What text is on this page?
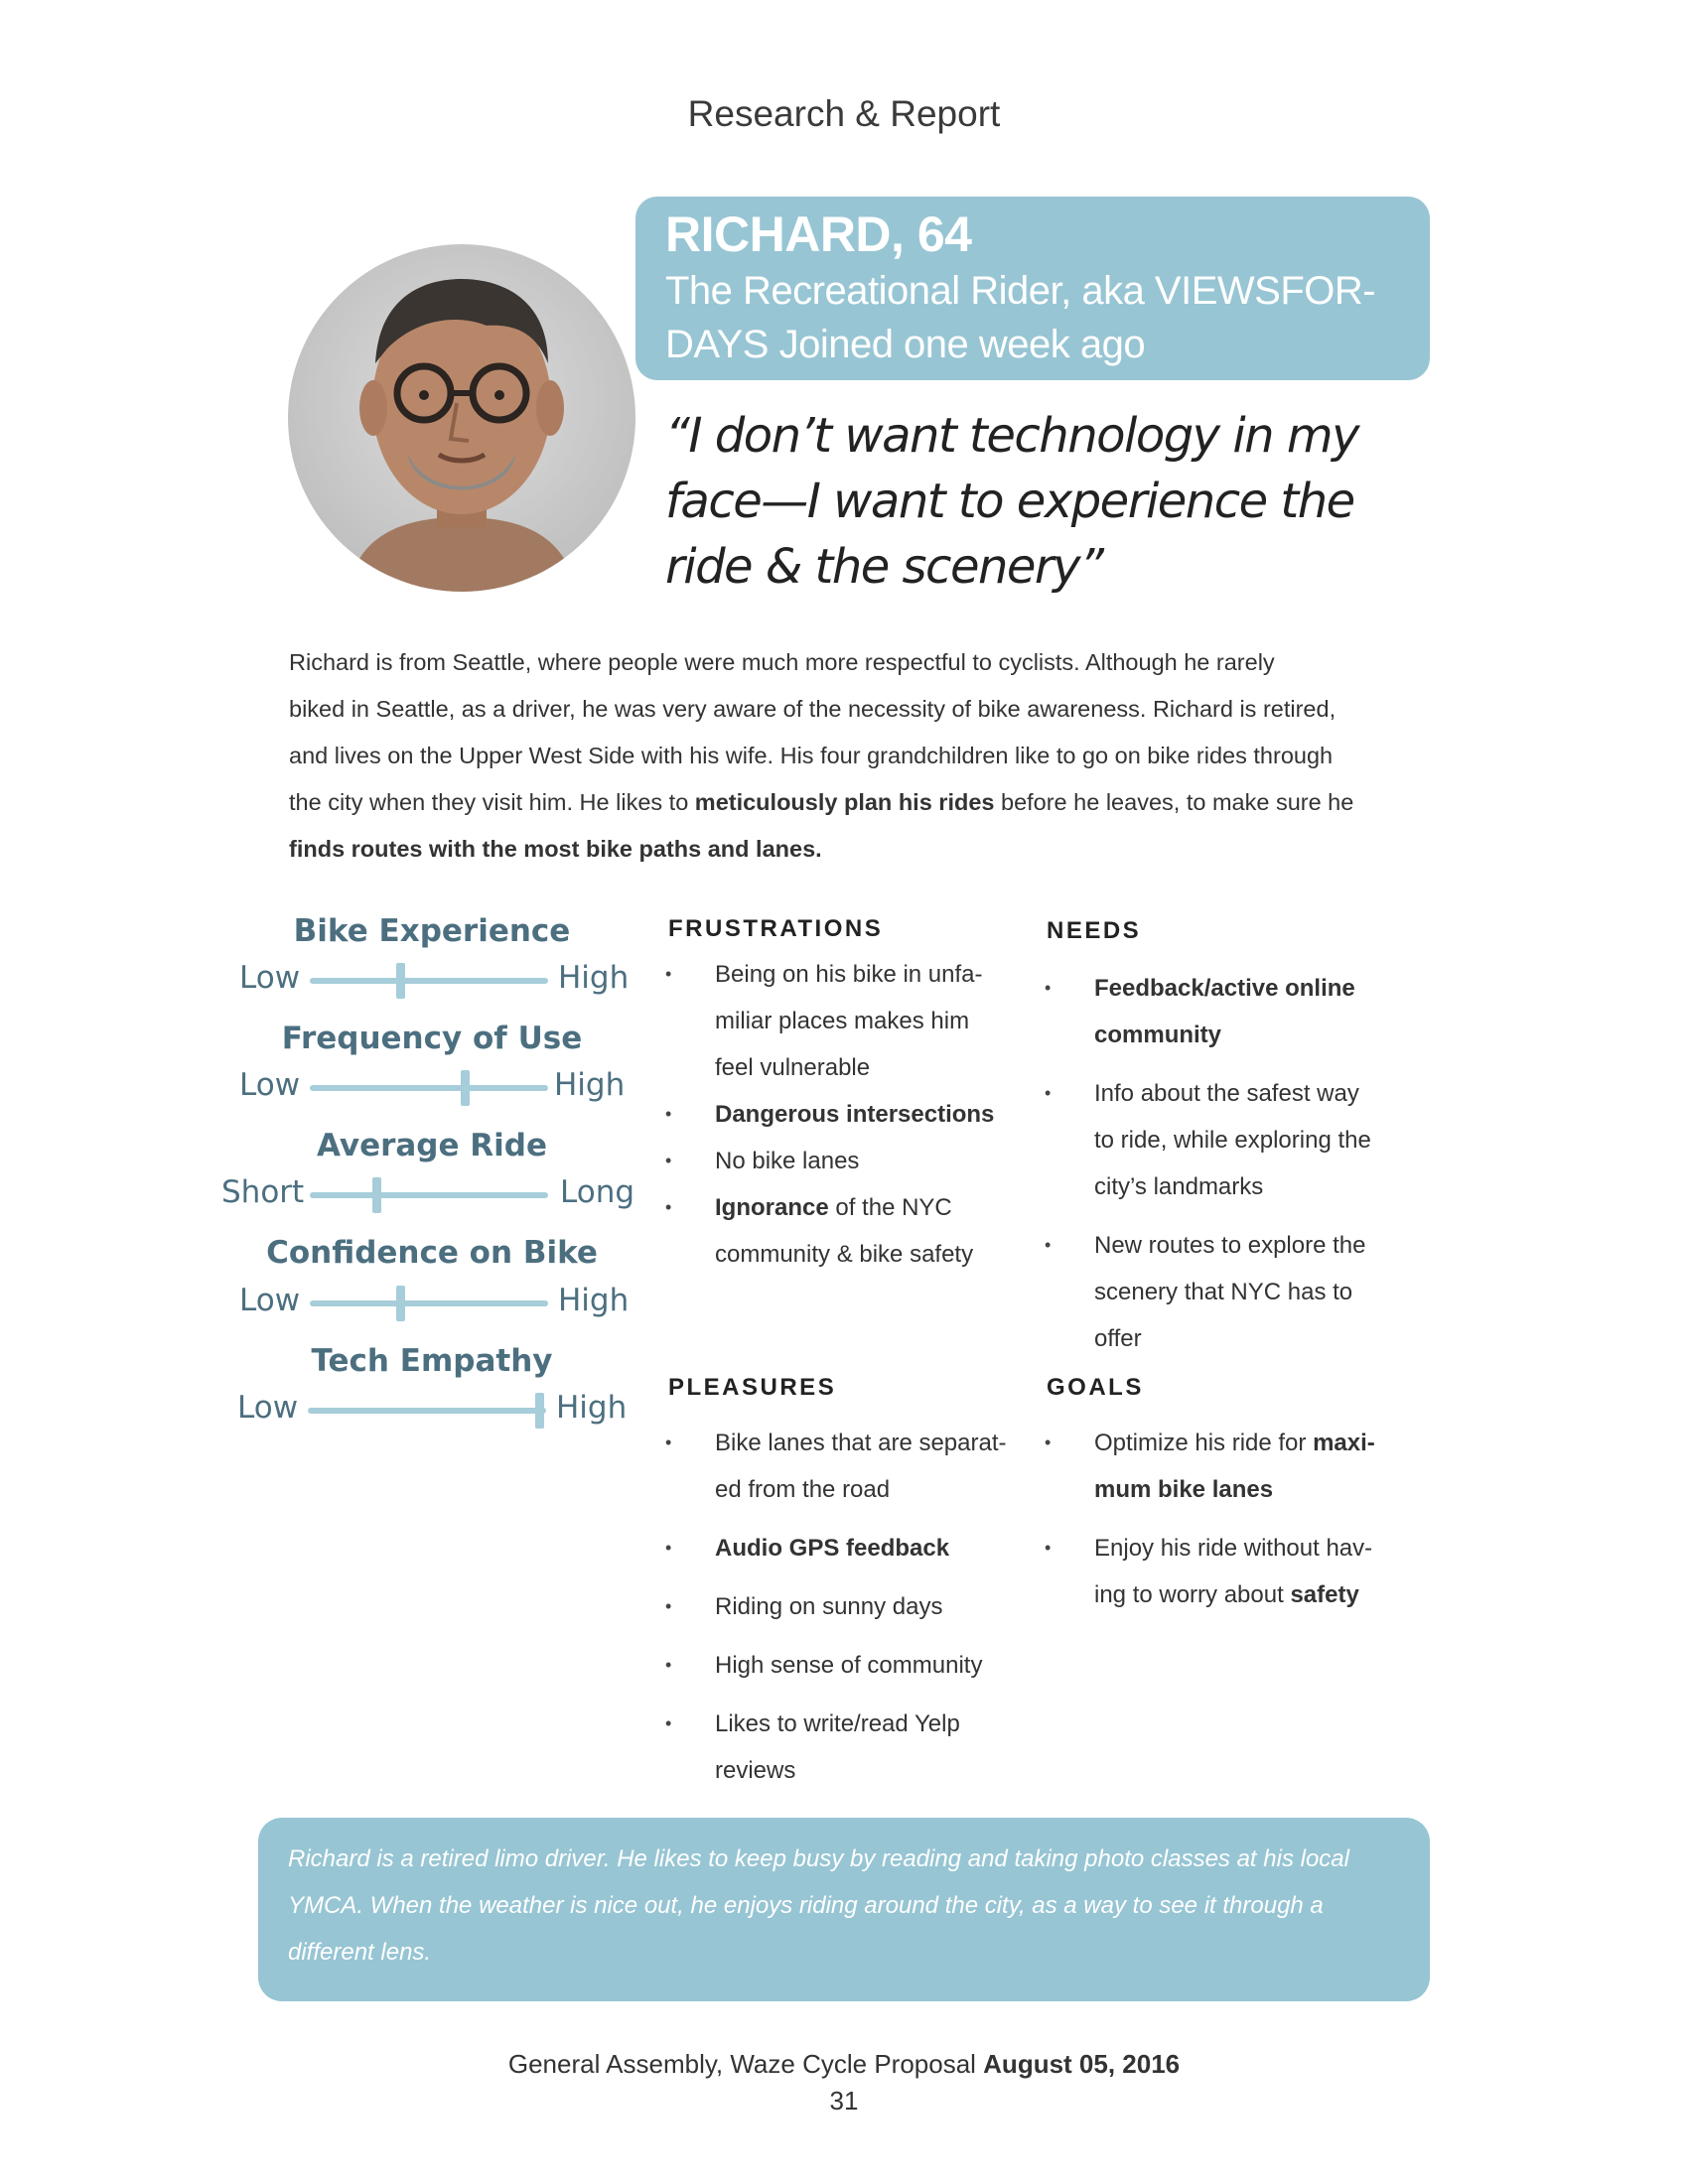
Research & Report
RICHARD, 64
The Recreational Rider, aka VIEWSFOR-
DAYS Joined one week ago
“I don’t want technology in my
face—I want to experience the
ride & the scenery”
Richard is from Seattle, where people were much more respectful to cyclists. Although he rarely
biked in Seattle, as a driver, he was very aware of the necessity of bike awareness. Richard is retired,
and lives on the Upper West Side with his wife. His four grandchildren like to go on bike rides through
the city when they visit him. He likes to meticulously plan his rides before he leaves, to make sure he
finds routes with the most bike paths and lanes.
Bike Experience
Low	High
Frequency of Use
Low	High
Average Ride
Short	Long
Confidence on Bike
Low	High
Tech Empathy
Low	High
FRUSTRATIONS
• Being on his bike in unfa-
miliar places makes him
feel vulnerable
• Dangerous intersections
• No bike lanes
• Ignorance of the NYC
community & bike safety
NEEDS
• Feedback/active online
community
• Info about the safest way
to ride, while exploring the
city’s landmarks
• New routes to explore the
scenery that NYC has to
offer
PLEASURES
• Bike lanes that are separat-
ed from the road
• Audio GPS feedback
• Riding on sunny days
• High sense of community
• Likes to write/read Yelp
reviews
GOALS
• Optimize his ride for maxi-
mum bike lanes
• Enjoy his ride without hav-
ing to worry about safety
Richard is a retired limo driver. He likes to keep busy by reading and taking photo classes at his local
YMCA. When the weather is nice out, he enjoys riding around the city, as a way to see it through a
different lens.
General Assembly, Waze Cycle Proposal August 05, 2016
31
